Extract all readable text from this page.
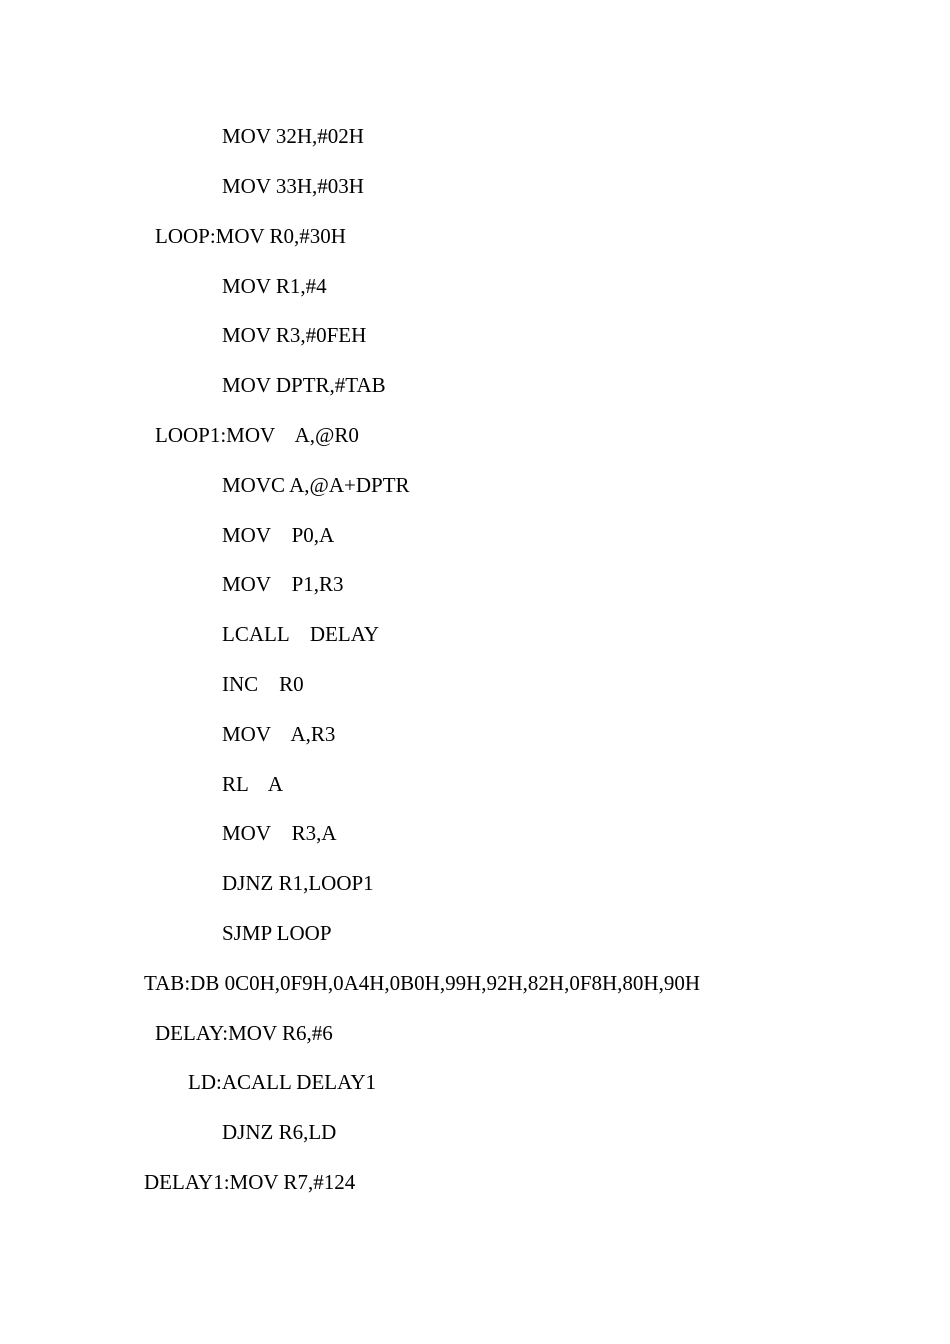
MOV 32H,#02H
MOV 33H,#03H
LOOP:MOV R0,#30H
MOV R1,#4
MOV R3,#0FEH
MOV DPTR,#TAB
LOOP1:MOV    A,@R0
MOVC A,@A+DPTR
MOV    P0,A
MOV    P1,R3
LCALL    DELAY
INC    R0
MOV    A,R3
RL    A
MOV    R3,A
DJNZ R1,LOOP1
SJMP LOOP
TAB:DB 0C0H,0F9H,0A4H,0B0H,99H,92H,82H,0F8H,80H,90H
DELAY:MOV R6,#6
LD:ACALL DELAY1
DJNZ R6,LD
DELAY1:MOV R7,#124
